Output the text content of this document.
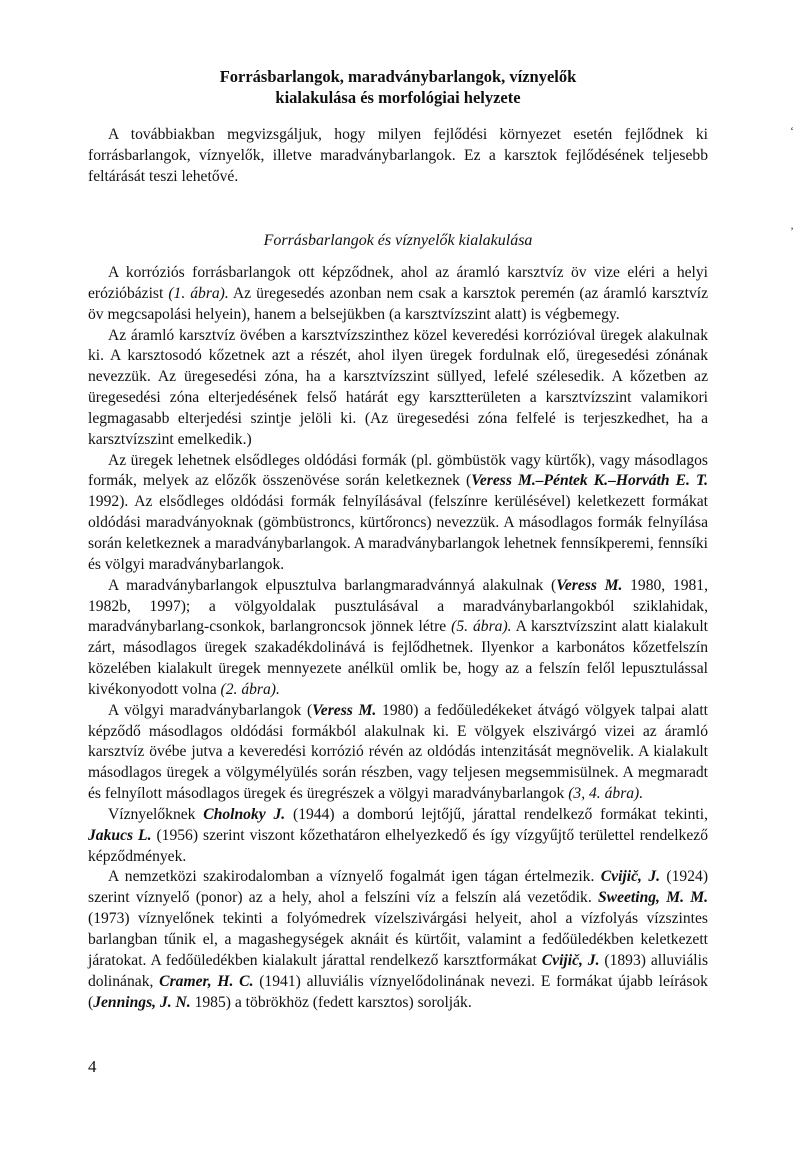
‘
’
Forrásbarlangok, maradványbarlangok, víznyelők
kialakulása és morfológiai helyzete

A továbbiakban megvizsgáljuk, hogy milyen fejlődési környezet esetén fejlődnek ki forrásbarlangok, víznyelők, illetve maradványbarlangok. Ez a karsztok fejlődésének teljesebb feltárását teszi lehetővé.

Forrásbarlangok és víznyelők kialakulása

A korróziós forrásbarlangok ott képződnek, ahol az áramló karsztvíz öv vize eléri a helyi erózióbázist (1. ábra). Az üregesedés azonban nem csak a karsztok peremén (az áramló karsztvíz öv megcsapolási helyein), hanem a belsejükben (a karsztvízszint alatt) is végbemegy.

Az áramló karsztvíz övében a karsztvízszinthez közel keveredési korrózióval üregek alakulnak ki. A karsztosodó kőzetnek azt a részét, ahol ilyen üregek fordulnak elő, üregesedési zónának nevezzük. Az üregesedési zóna, ha a karsztvízszint süllyed, lefelé szélesedik. A kőzetben az üregesedési zóna elterjedésének felső határát egy karsztterületen a karsztvízszint valamikori legmagasabb elterjedési szintje jelöli ki. (Az üregesedési zóna felfelé is terjeszkedhet, ha a karsztvízszint emelkedik.)

Az üregek lehetnek elsődleges oldódási formák (pl. gömbüstök vagy kürtők), vagy másodlagos formák, melyek az előzők összenövése során keletkeznek (Veress M.–Péntek K.–Horváth E. T. 1992). Az elsődleges oldódási formák felnyílásával (felszínre kerülésével) keletkezett formákat oldódási maradványoknak (gömbüstroncs, kürtőroncs) nevezzük. A másodlagos formák felnyílása során keletkeznek a maradványbarlangok. A maradványbarlangok lehetnek fennsíkperemi, fennsíki és völgyi maradványbarlangok.

A maradványbarlangok elpusztulva barlangmaradvánnyá alakulnak (Veress M. 1980, 1981, 1982b, 1997); a völgyoldalak pusztulásával a maradványbarlangokból sziklahidak, maradványbarlang-csonkok, barlangroncsok jönnek létre (5. ábra). A karsztvízszint alatt kialakult zárt, másodlagos üregek szakadékdolinává is fejlődhetnek. Ilyenkor a karbonátos kőzetfelszín közelében kialakult üregek mennyezete anélkül omlik be, hogy az a felszín felől lepusztulással kivékonyodott volna (2. ábra).

A völgyi maradványbarlangok (Veress M. 1980) a fedőüledékeket átvágó völgyek talpai alatt képződő másodlagos oldódási formákból alakulnak ki. E völgyek elszivárgó vizei az áramló karsztvíz övébe jutva a keveredési korrózió révén az oldódás intenzitását megnövelik. A kialakult másodlagos üregek a völgymélyülés során részben, vagy teljesen megsemmisülnek. A megmaradt és felnyílott másodlagos üregek és üregrészek a völgyi maradványbarlangok (3, 4. ábra).

Víznyelőknek Cholnoky J. (1944) a domború lejtőjű, járattal rendelkező formákat tekinti, Jakucs L. (1956) szerint viszont kőzethatáron elhelyezkedő és így vízgyűjtő területtel rendelkező képződmények.

A nemzetközi szakirodalomban a víznyelő fogalmát igen tágan értelmezik. Cvijič, J. (1924) szerint víznyelő (ponor) az a hely, ahol a felszíni víz a felszín alá vezetődik. Sweeting, M. M. (1973) víznyelőnek tekinti a folyómedrek vízelszivárgási helyeit, ahol a vízfolyás vízszintes barlangban tűnik el, a magashegységek aknáit és kürtőit, valamint a fedőüledékben keletkezett járatokat. A fedőüledékben kialakult járattal rendelkező karsztformákat Cvijič, J. (1893) alluviális dolinának, Cramer, H. C. (1941) alluviális víznyelődolinának nevezi. E formákat újabb leírások (Jennings, J. N. 1985) a töbrökhöz (fedett karsztos) sorolják.

4
